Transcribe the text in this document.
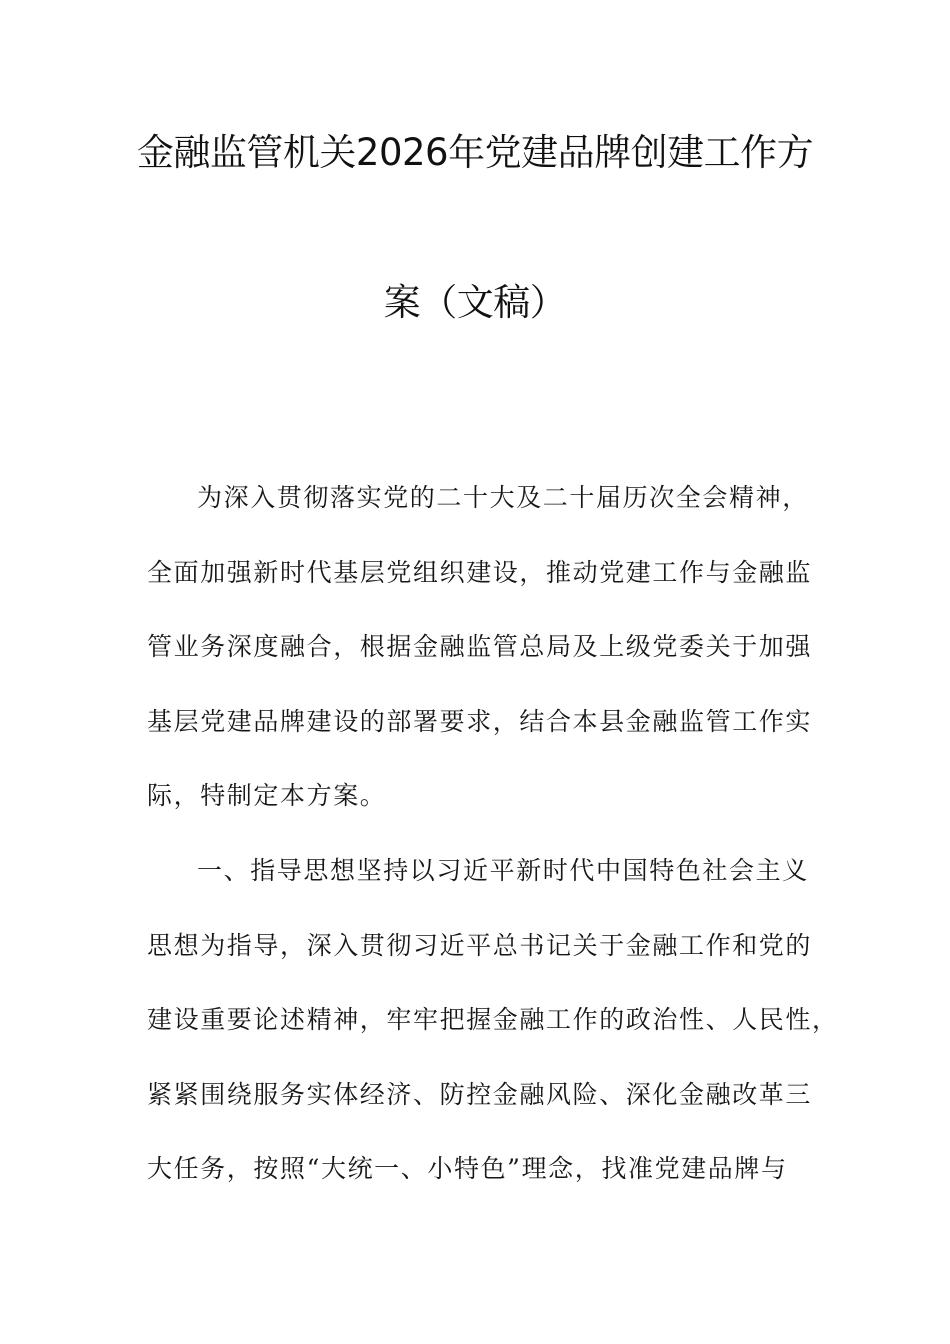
金融监管机关2026年党建品牌创建工作方
案（文稿）
为深入贯彻落实党的二十大及二十届历次全会精神，
全面加强新时代基层党组织建设，推动党建工作与金融监
管业务深度融合，根据金融监管总局及上级党委关于加强
基层党建品牌建设的部署要求，结合本县金融监管工作实
际，特制定本方案。
一、指导思想坚持以习近平新时代中国特色社会主义
思想为指导，深入贯彻习近平总书记关于金融工作和党的
建设重要论述精神，牢牢把握金融工作的政治性、人民性，
紧紧围绕服务实体经济、防控金融风险、深化金融改革三
大任务，按照“大统一、小特色”理念，找准党建品牌与
